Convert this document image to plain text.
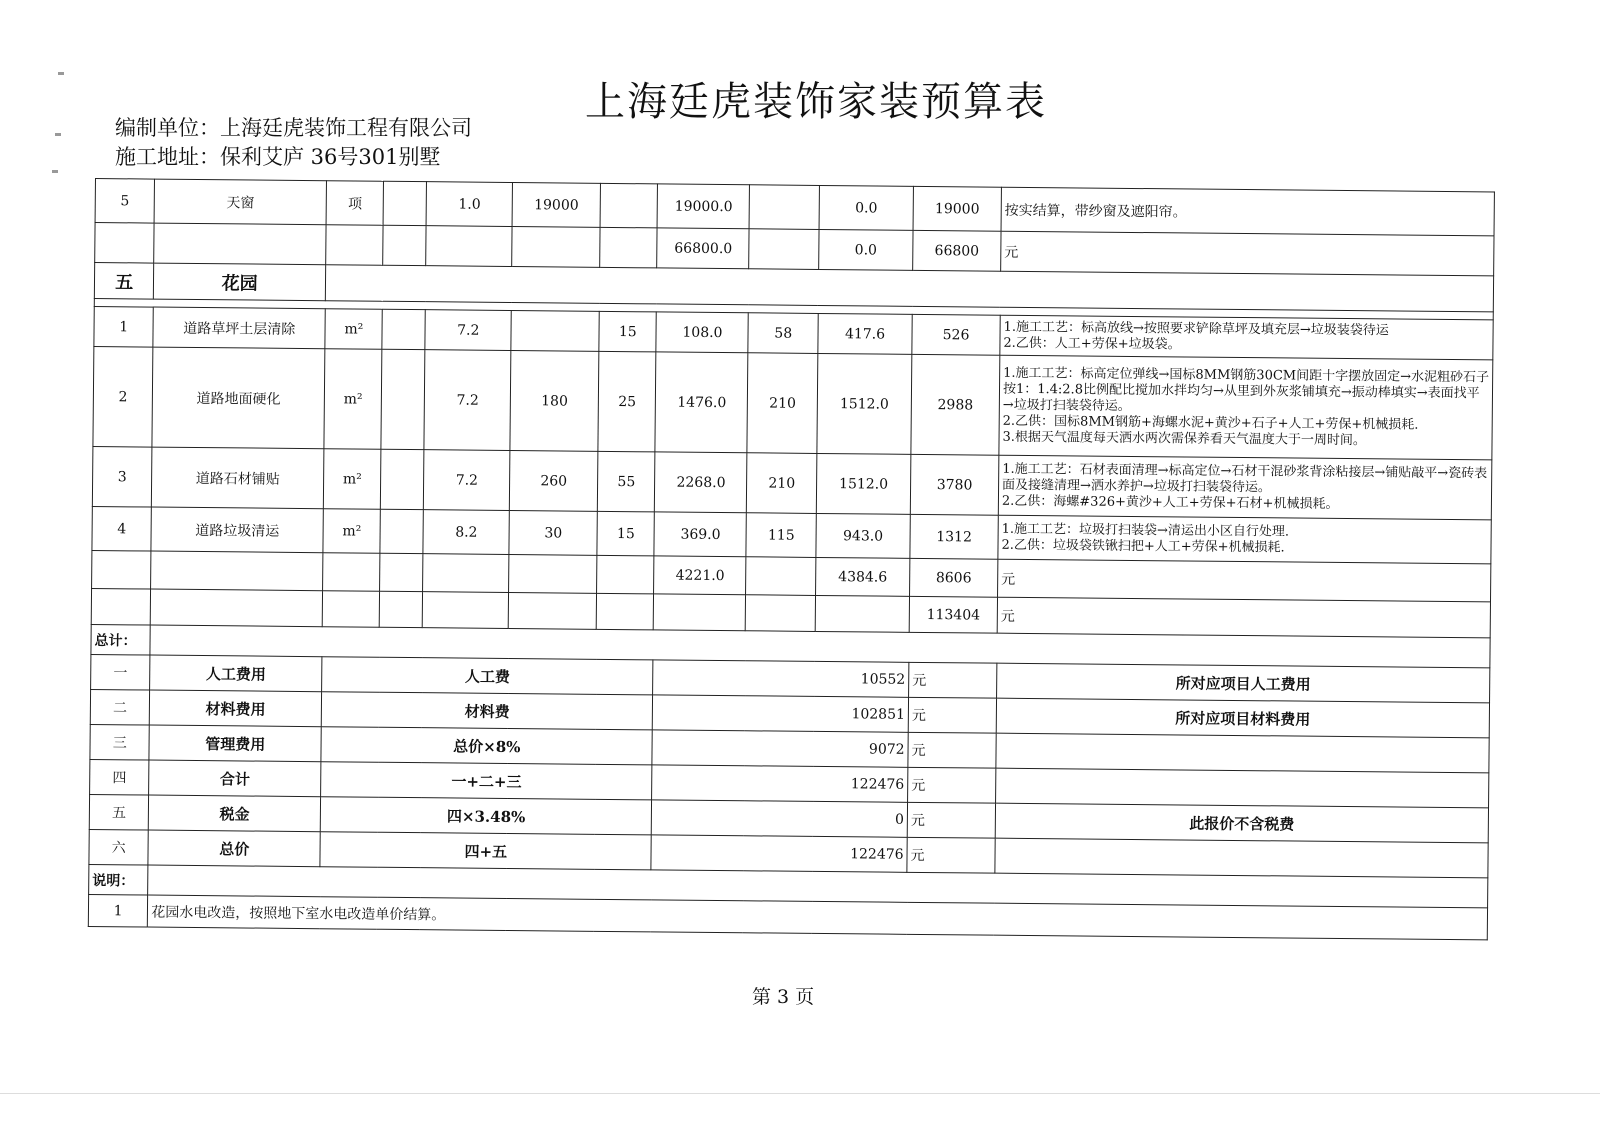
上海廷虎装饰家装预算表
编制单位：上海廷虎装饰工程有限公司
施工地址：保利艾庐 36号301别墅
5	天窗	项		1.0	19000		19000.0		0.0	19000	按实结算，带纱窗及遮阳帘。
							66800.0		0.0	66800	元
五	花园										

1	道路草坪土层清除	m²		7.2		15	108.0	58	417.6	526	1.施工工艺：标高放线→按照要求铲除草坪及填充层→垃圾装袋待运
2.乙供：人工+劳保+垃圾袋。
2	道路地面硬化	m²		7.2	180	25	1476.0	210	1512.0	2988	1.施工工艺：标高定位弹线→国标8MM钢筋30CM间距十字摆放固定→水泥粗砂石子按1：1.4:2.8比例配比搅加水拌均匀→从里到外灰浆铺填充→振动棒填实→表面找平→垃圾打扫装袋待运。
2.乙供：国标8MM钢筋+海螺水泥+黄沙+石子+人工+劳保+机械损耗.
3.根据天气温度每天洒水两次需保养看天气温度大于一周时间。
3	道路石材铺贴	m²		7.2	260	55	2268.0	210	1512.0	3780	1.施工工艺：石材表面清理→标高定位→石材干混砂浆背涂粘接层→铺贴敲平→瓷砖表面及接缝清理→洒水养护→垃圾打扫装袋待运。
2.乙供：海螺#326+黄沙+人工+劳保+石材+机械损耗。
4	道路垃圾清运	m²		8.2	30	15	369.0	115	943.0	1312	1.施工工艺：垃圾打扫装袋→清运出小区自行处理.
2.乙供：垃圾袋铁锹扫把+人工+劳保+机械损耗.
							4221.0		4384.6	8606	元
										113404	元
总计：											
一	人工费用	人工费					10552			元	所对应项目人工费用
二	材料费用	材料费					102851			元	所对应项目材料费用
三	管理费用	总价×8%					9072			元	
四	合计	一+二+三					122476			元	
五	税金	四×3.48%					0			元	此报价不含税费
六	总价	四+五					122476			元	
说明：											
1	花园水电改造，按照地下室水电改造单价结算。										
第 3 页
